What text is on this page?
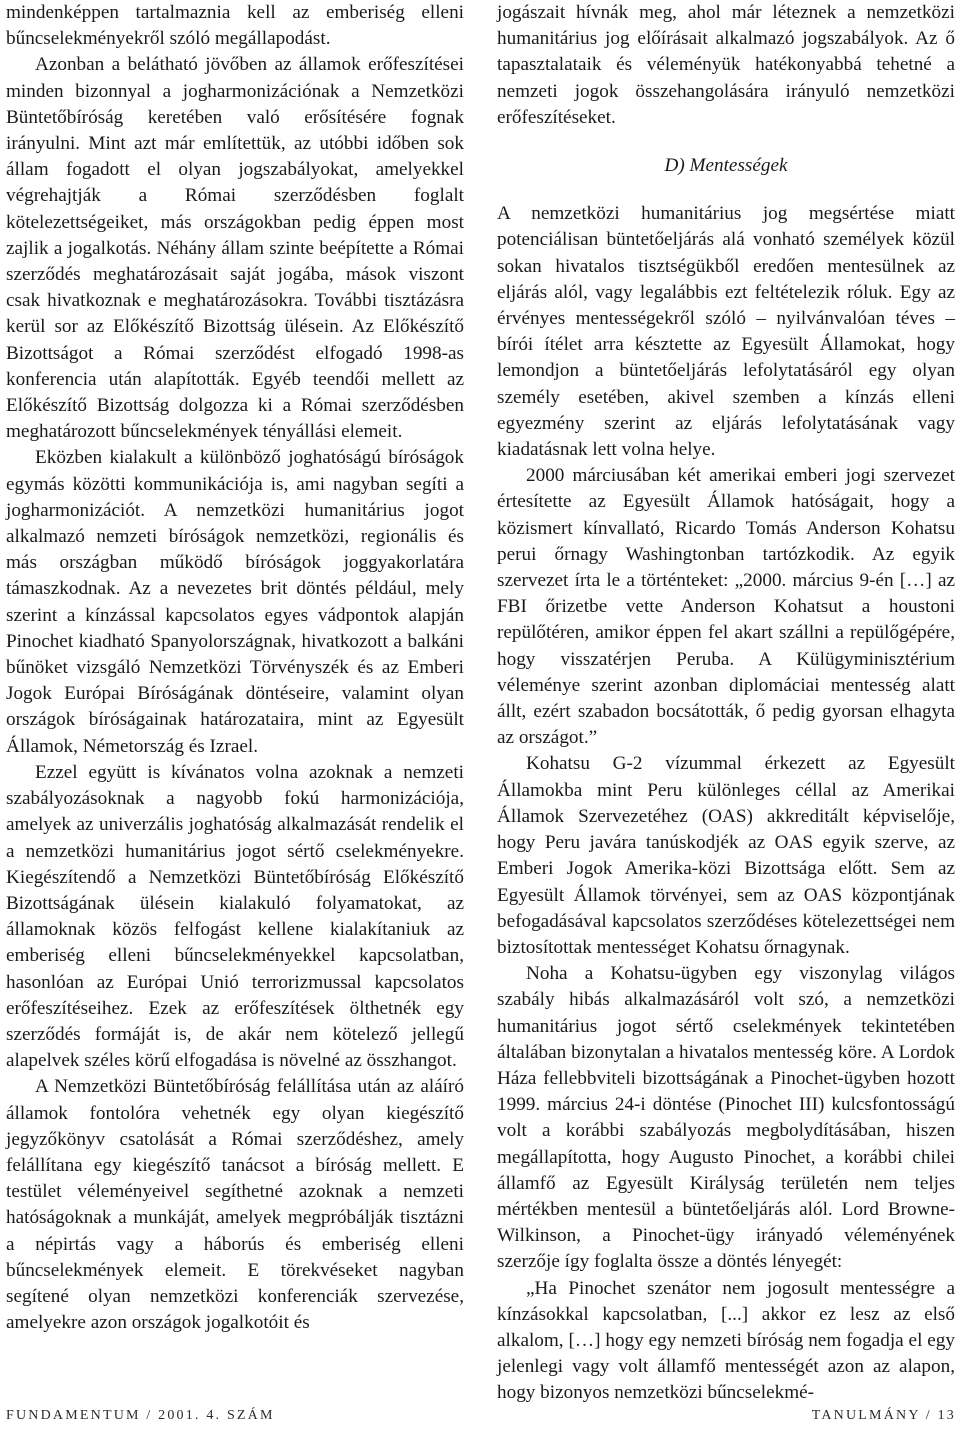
mindenképpen tartalmaznia kell az emberiség elleni bűncselekményekről szóló megállapodást.

Azonban a belátható jövőben az államok erőfeszítései minden bizonnyal a jogharmonizációnak a Nemzetközi Büntetőbíróság keretében való erősítésére fognak irányulni. Mint azt már említettük, az utóbbi időben sok állam fogadott el olyan jogszabályokat, amelyekkel végrehajtják a Római szerződésben foglalt kötelezettségeiket, más országokban pedig éppen most zajlik a jogalkotás. Néhány állam szinte beépítette a Római szerződés meghatározásait saját jogába, mások viszont csak hivatkoznak e meghatározásokra. További tisztázásra kerül sor az Előkészítő Bizottság ülésein. Az Előkészítő Bizottságot a Római szerződést elfogadó 1998-as konferencia után alapították. Egyéb teendői mellett az Előkészítő Bizottság dolgozza ki a Római szerződésben meghatározott bűncselekmények tényállási elemeit.

Eközben kialakult a különböző joghatóságú bíróságok egymás közötti kommunikációja is, ami nagyban segíti a jogharmonizációt. A nemzetközi humanitárius jogot alkalmazó nemzeti bíróságok nemzetközi, regionális és más országban működő bíróságok joggyakorlatára támaszkodnak. Az a nevezetes brit döntés például, mely szerint a kínzással kapcsolatos egyes vádpontok alapján Pinochet kiadható Spanyolországnak, hivatkozott a balkáni bűnöket vizsgáló Nemzetközi Törvényszék és az Emberi Jogok Európai Bíróságának döntéseire, valamint olyan országok bíróságainak határozataira, mint az Egyesült Államok, Németország és Izrael.

Ezzel együtt is kívánatos volna azoknak a nemzeti szabályozásoknak a nagyobb fokú harmonizációja, amelyek az univerzális joghatóság alkalmazását rendelik el a nemzetközi humanitárius jogot sértő cselekményekre. Kiegészítendő a Nemzetközi Büntetőbíróság Előkészítő Bizottságának ülésein kialakuló folyamatokat, az államoknak közös felfogást kellene kialakítaniuk az emberiség elleni bűncselekményekkel kapcsolatban, hasonlóan az Európai Unió terrorizmussal kapcsolatos erőfeszítéseihez. Ezek az erőfeszítések ölthetnék egy szerződés formáját is, de akár nem kötelező jellegű alapelvek széles körű elfogadása is növelné az összhangot.

A Nemzetközi Büntetőbíróság felállítása után az aláíró államok fontolóra vehetnék egy olyan kiegészítő jegyzőkönyv csatolását a Római szerződéshez, amely felállítana egy kiegészítő tanácsot a bíróság mellett. E testület véleményeivel segíthetné azoknak a nemzeti hatóságoknak a munkáját, amelyek megpróbálják tisztázni a népirtás vagy a háborús és emberiség elleni bűncselekmények elemeit. E törekvéseket nagyban segítené olyan nemzetközi konferenciák szervezése, amelyekre azon országok jogalkotóit és

jogászait hívnák meg, ahol már léteznek a nemzetközi humanitárius jog előírásait alkalmazó jogszabályok. Az ő tapasztalataik és véleményük hatékonyabbá tehetné a nemzeti jogok összehangolására irányuló nemzetközi erőfeszítéseket.

D) Mentességek

A nemzetközi humanitárius jog megsértése miatt potenciálisan büntetőeljárás alá vonható személyek közül sokan hivatalos tisztségükből eredően mentesülnek az eljárás alól, vagy legalábbis ezt feltételezik róluk. Egy az érvényes mentességekről szóló – nyilvánvalóan téves – bírói ítélet arra késztette az Egyesült Államokat, hogy lemondjon a büntetőeljárás lefolytatásáról egy olyan személy esetében, akivel szemben a kínzás elleni egyezmény szerint az eljárás lefolytatásának vagy kiadatásnak lett volna helye.

2000 márciusában két amerikai emberi jogi szervezet értesítette az Egyesült Államok hatóságait, hogy a közismert kínvallató, Ricardo Tomás Anderson Kohatsu perui őrnagy Washingtonban tartózkodik. Az egyik szervezet írta le a történteket: „2000. március 9-én […] az FBI őrizetbe vette Anderson Kohatsut a houstoni repülőtéren, amikor éppen fel akart szállni a repülőgépére, hogy visszatérjen Peruba. A Külügyminisztérium véleménye szerint azonban diplomáciai mentesség alatt állt, ezért szabadon bocsátották, ő pedig gyorsan elhagyta az országot.”

Kohatsu G-2 vízummal érkezett az Egyesült Államokba mint Peru különleges céllal az Amerikai Államok Szervezetéhez (OAS) akkreditált képviselője, hogy Peru javára tanúskodjék az OAS egyik szerve, az Emberi Jogok Amerika-közi Bizottsága előtt. Sem az Egyesült Államok törvényei, sem az OAS központjának befogadásával kapcsolatos szerződéses kötelezettségei nem biztosítottak mentességet Kohatsu őrnagynak.

Noha a Kohatsu-ügyben egy viszonylag világos szabály hibás alkalmazásáról volt szó, a nemzetközi humanitárius jogot sértő cselekmények tekintetében általában bizonytalan a hivatalos mentesség köre. A Lordok Háza fellebbviteli bizottságának a Pinochet-ügyben hozott 1999. március 24-i döntése (Pinochet III) kulcsfontosságú volt a korábbi szabályozás megbolydításában, hiszen megállapította, hogy Augusto Pinochet, a korábbi chilei államfő az Egyesült Királyság területén nem teljes mértékben mentesül a büntetőeljárás alól. Lord Browne-Wilkinson, a Pinochet-ügy irányadó véleményének szerzője így foglalta össze a döntés lényegét:

„Ha Pinochet szenátor nem jogosult mentességre a kínzásokkal kapcsolatban, [...] akkor ez lesz az első alkalom, […] hogy egy nemzeti bíróság nem fogadja el egy jelenlegi vagy volt államfő mentességét azon az alapon, hogy bizonyos nemzetközi bűncselekmé-

FUNDAMENTUM / 2001. 4. SZÁM	TANULMÁNY / 13
